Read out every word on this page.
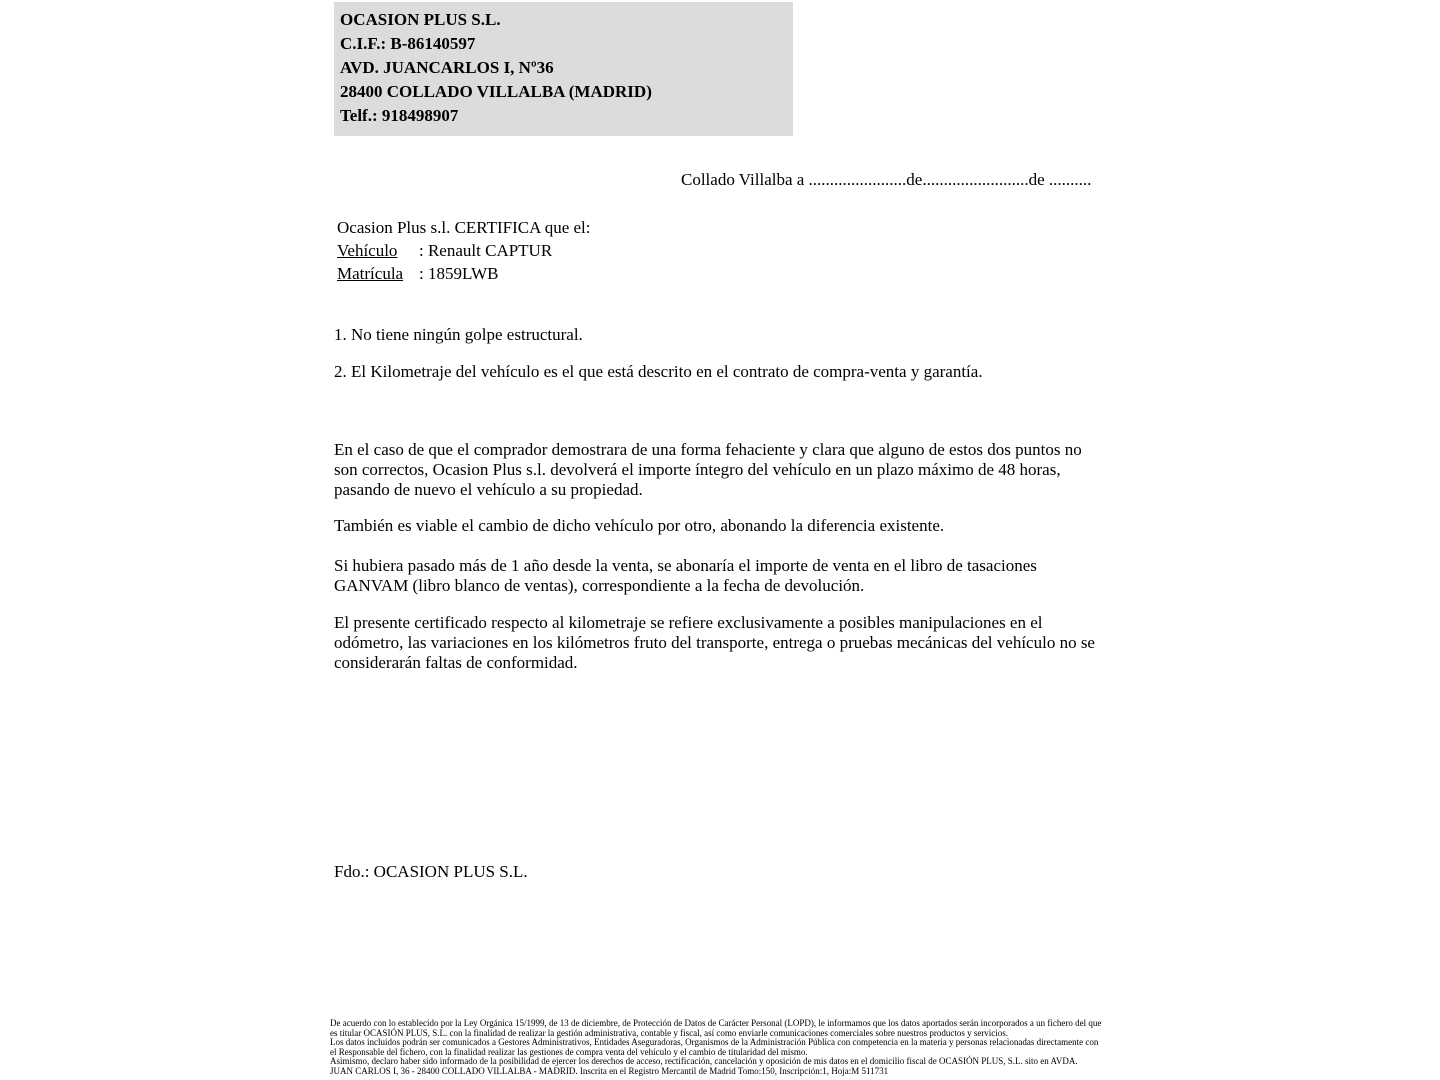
OCASION PLUS S.L.
C.I.F.: B-86140597
AVD. JUANCARLOS I, Nº36
28400 COLLADO VILLALBA (MADRID)
Telf.: 918498907
Collado Villalba a .......................de.........................de ..........
Ocasion Plus s.l. CERTIFICA que el:
Vehículo : Renault CAPTUR
Matrícula : 1859LWB
1. No tiene ningún golpe estructural.
2. El Kilometraje del vehículo es el que está descrito en el contrato de compra-venta y garantía.
En el caso de que el comprador demostrara de una forma fehaciente y clara que alguno de estos dos puntos no son correctos, Ocasion Plus s.l. devolverá el importe íntegro del vehículo en un plazo máximo de 48 horas, pasando de nuevo el vehículo a su propiedad.
También es viable el cambio de dicho vehículo por otro, abonando la diferencia existente.
Si hubiera pasado más de 1 año desde la venta, se abonaría el importe de venta en el libro de tasaciones GANVAM (libro blanco de ventas), correspondiente a la fecha de devolución.
El presente certificado respecto al kilometraje se refiere exclusivamente a posibles manipulaciones en el odómetro, las variaciones en los kilómetros fruto del transporte, entrega o pruebas mecánicas del vehículo no se considerarán faltas de conformidad.
Fdo.: OCASION PLUS S.L.

De acuerdo con lo establecido por la Ley Orgánica 15/1999, de 13 de diciembre, de Protección de Datos de Carácter Personal (LOPD), le informamos que los datos aportados serán incorporados a un fichero del que es titular OCASIÓN PLUS, S.L. con la finalidad de realizar la gestión administrativa, contable y fiscal, así como enviarle comunicaciones comerciales sobre nuestros productos y servicios.

Los datos incluidos podrán ser comunicados a Gestores Administrativos, Entidades Aseguradoras, Organismos de la Administración Pública con competencia en la materia y personas relacionadas directamente con el Responsable del fichero, con la finalidad realizar las gestiones de compra venta del vehículo y el cambio de titularidad del mismo.

Asimismo, declaro haber sido informado de la posibilidad de ejercer los derechos de acceso, rectificación, cancelación y oposición de mis datos en el domicilio fiscal de OCASIÓN PLUS, S.L. sito en AVDA. JUAN CARLOS I, 36 - 28400 COLLADO VILLALBA - MADRID. Inscrita en el Registro Mercantil de Madrid Tomo:150, Inscripción:1, Hoja:M 511731
